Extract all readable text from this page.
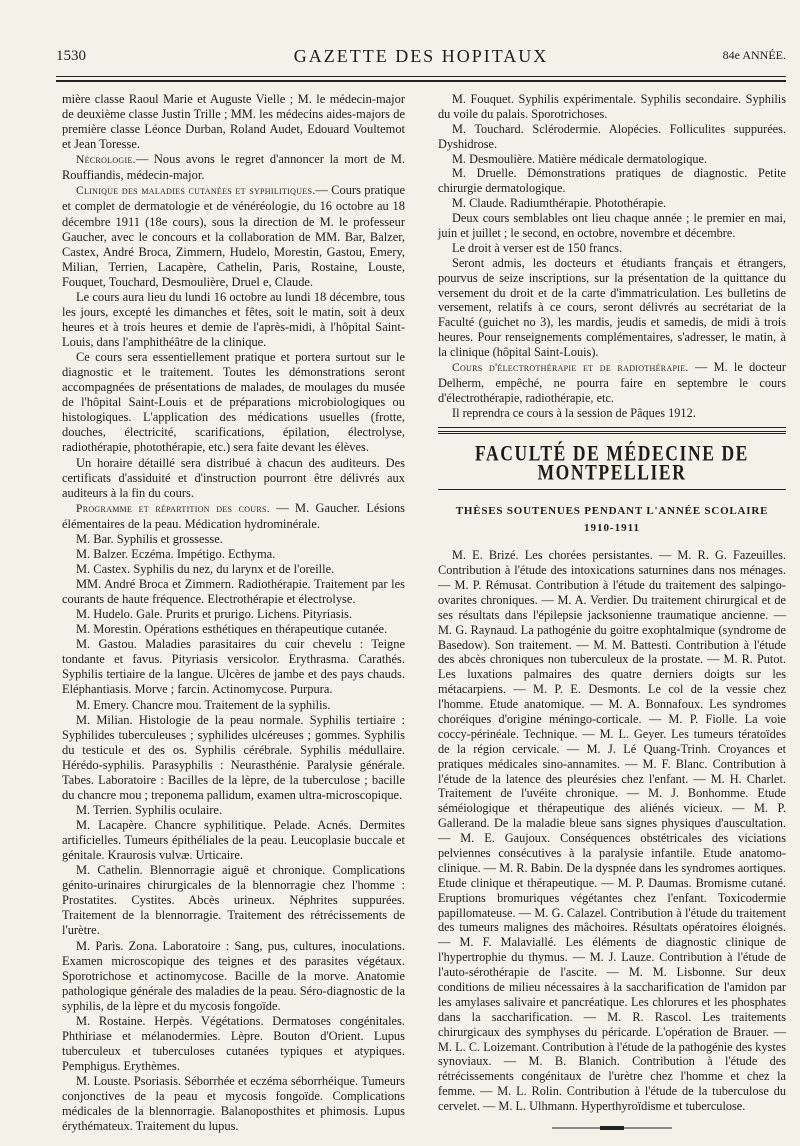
1530	GAZETTE DES HOPITAUX	84e ANNÉE.

mière classe Raoul Marie et Auguste Vielle ; M. le médecin-major de deuxième classe Justin Trille ; MM. les médecins aides-majors de première classe Léonce Durban, Roland Audet, Edouard Voultemot et Jean Toresse.

Nécrologie.— Nous avons le regret d'annoncer la mort de M. Rouffiandis, médecin-major.

Clinique des maladies cutanées et syphilitiques.— Cours pratique et complet de dermatologie et de vénéréologie, du 16 octobre au 18 décembre 1911 (18e cours), sous la direction de M. le professeur Gaucher, avec le concours et la collaboration de MM. Bar, Balzer, Castex, André Broca, Zimmern, Hudelo, Morestin, Gastou, Emery, Milian, Terrien, Lacapère, Cathelin, Paris, Rostaine, Louste, Fouquet, Touchard, Desmoulière, Druel e, Claude.

Le cours aura lieu du lundi 16 octobre au lundi 18 décembre, tous les jours, excepté les dimanches et fêtes, soit le matin, soit à deux heures et à trois heures et demie de l'après-midi, à l'hôpital Saint-Louis, dans l'amphithéâtre de la clinique.

Ce cours sera essentiellement pratique et portera surtout sur le diagnostic et le traitement. Toutes les démonstrations seront accompagnées de présentations de malades, de moulages du musée de l'hôpital Saint-Louis et de préparations microbiologiques ou histologiques. L'application des médications usuelles (frotte, douches, électricité, scarifications, épilation, électrolyse, radiothérapie, photothérapie, etc.) sera faite devant les élèves.

Un horaire détaillé sera distribué à chacun des auditeurs. Des certificats d'assiduité et d'instruction pourront être délivrés aux auditeurs à la fin du cours.

Programme et répartition des cours. — M. Gaucher. Lésions élémentaires de la peau. Médication hydrominérale.

M. Bar. Syphilis et grossesse.

M. Balzer. Eczéma. Impétigo. Ecthyma.

M. Castex. Syphilis du nez, du larynx et de l'oreille.

MM. André Broca et Zimmern. Radiothérapie. Traitement par les courants de haute fréquence. Electrothérapie et électrolyse.

M. Hudelo. Gale. Prurits et prurigo. Lichens. Pityriasis.

M. Morestin. Opérations esthétiques en thérapeutique cutanée.

M. Gastou. Maladies parasitaires du cuir chevelu : Teigne tondante et favus. Pityriasis versicolor. Erythrasma. Carathés. Syphilis tertiaire de la langue. Ulcères de jambe et des pays chauds. Eléphantiasis. Morve ; farcin. Actinomycose. Purpura.

M. Emery. Chancre mou. Traitement de la syphilis.

M. Milian. Histologie de la peau normale. Syphilis tertiaire : Syphilides tuberculeuses ; syphilides ulcéreuses ; gommes. Syphilis du testicule et des os. Syphilis cérébrale. Syphilis médullaire. Hérédo-syphilis. Parasyphilis : Neurasthénie. Paralysie générale. Tabes. Laboratoire : Bacilles de la lèpre, de la tuberculose ; bacille du chancre mou ; treponema pallidum, examen ultra-microscopique.

M. Terrien. Syphilis oculaire.

M. Lacapère. Chancre syphilitique. Pelade. Acnés. Dermites artificielles. Tumeurs épithéliales de la peau. Leucoplasie buccale et génitale. Kraurosis vulvæ. Urticaire.

M. Cathelin. Blennorragie aiguë et chronique. Complications génito-urinaires chirurgicales de la blennorragie chez l'homme : Prostatites. Cystites. Abcès urineux. Néphrites suppurées. Traitement de la blennorragie. Traitement des rétrécissements de l'urètre.

M. Paris. Zona. Laboratoire : Sang, pus, cultures, inoculations. Examen microscopique des teignes et des parasites végétaux. Sporotrichose et actinomycose. Bacille de la morve. Anatomie pathologique générale des maladies de la peau. Séro-diagnostic de la syphilis, de la lèpre et du mycosis fongoïde.

M. Rostaine. Herpès. Végétations. Dermatoses congénitales. Phthiriase et mélanodermies. Lèpre. Bouton d'Orient. Lupus tuberculeux et tuberculoses cutanées typiques et atypiques. Pemphigus. Erythèmes.

M. Louste. Psoriasis. Séborrhée et eczéma séborrhéique. Tumeurs conjonctives de la peau et mycosis fongoïde. Complications médicales de la blennorragie. Balanoposthites et phimosis. Lupus érythémateux. Traitement du lupus.

M. Fouquet. Syphilis expérimentale. Syphilis secondaire. Syphilis du voile du palais. Sporotrichoses.

M. Touchard. Sclérodermie. Alopécies. Folliculites suppurées. Dyshidrose.

M. Desmoulière. Matière médicale dermatologique.

M. Druelle. Démonstrations pratiques de diagnostic. Petite chirurgie dermatologique.

M. Claude. Radiumthérapie. Photothérapie.

Deux cours semblables ont lieu chaque année ; le premier en mai, juin et juillet ; le second, en octobre, novembre et décembre.

Le droit à verser est de 150 francs.

Seront admis, les docteurs et étudiants français et étrangers, pourvus de seize inscriptions, sur la présentation de la quittance du versement du droit et de la carte d'immatriculation. Les bulletins de versement, relatifs à ce cours, seront délivrés au secrétariat de la Faculté (guichet no 3), les mardis, jeudis et samedis, de midi à trois heures. Pour renseignements complémentaires, s'adresser, le matin, à la clinique (hôpital Saint-Louis).

Cours d'électrothérapie et de radiothérapie. — M. le docteur Delherm, empêché, ne pourra faire en septembre le cours d'électrothérapie, radiothérapie, etc.

Il reprendra ce cours à la session de Pâques 1912.

FACULTÉ DE MÉDECINE DE MONTPELLIER
THÈSES SOUTENUES PENDANT L'ANNÉE SCOLAIRE
1910-1911

M. E. Brizé. Les chorées persistantes. — M. R. G. Fazeuilles. Contribution à l'étude des intoxications saturnines dans nos ménages. — M. P. Rémusat. Contribution à l'étude du traitement des salpingo-ovarites chroniques. — M. A. Verdier. Du traitement chirurgical et de ses résultats dans l'épilepsie jacksonienne traumatique ancienne. — M. G. Raynaud. La pathogénie du goitre exophtalmique (syndrome de Basedow). Son traitement. — M. M. Battesti. Contribution à l'étude des abcès chroniques non tuberculeux de la prostate. — M. R. Putot. Les luxations palmaires des quatre derniers doigts sur les métacarpiens. — M. P. E. Desmonts. Le col de la vessie chez l'homme. Etude anatomique. — M. A. Bonnafoux. Les syndromes choréiques d'origine méningo-corticale. — M. P. Fiolle. La voie coccy-périnéale. Technique. — M. L. Geyer. Les tumeurs tératoïdes de la région cervicale. — M. J. Lé Quang-Trinh. Croyances et pratiques médicales sino-annamites. — M. F. Blanc. Contribution à l'étude de la latence des pleurésies chez l'enfant. — M. H. Charlet. Traitement de l'uvéite chronique. — M. J. Bonhomme. Etude séméiologique et thérapeutique des aliénés vicieux. — M. P. Gallerand. De la maladie bleue sans signes physiques d'auscultation. — M. E. Gaujoux. Conséquences obstétricales des viciations pelviennes consécutives à la paralysie infantile. Etude anatomo-clinique. — M. R. Babin. De la dyspnée dans les syndromes aortiques. Etude clinique et thérapeutique. — M. P. Daumas. Bromisme cutané. Eruptions bromuriques végétantes chez l'enfant. Toxicodermie papillomateuse. — M. G. Calazel. Contribution à l'étude du traitement des tumeurs malignes des mâchoires. Résultats opératoires éloignés. — M. F. Malaviallé. Les éléments de diagnostic clinique de l'hypertrophie du thymus. — M. J. Lauze. Contribution à l'étude de l'auto-sérothérapie de l'ascite. — M. M. Lisbonne. Sur deux conditions de milieu nécessaires à la saccharification de l'amidon par les amylases salivaire et pancréatique. Les chlorures et les phosphates dans la saccharification. — M. R. Rascol. Les traitements chirurgicaux des symphyses du péricarde. L'opération de Brauer. — M. L. C. Loizemant. Contribution à l'étude de la pathogénie des kystes synoviaux. — M. B. Blanich. Contribution à l'étude des rétrécissements congénitaux de l'urètre chez l'homme et chez la femme. — M. L. Rolin. Contribution à l'étude de la tuberculose du cervelet. — M. L. Ulhmann. Hyperthyroïdisme et tuberculose.
